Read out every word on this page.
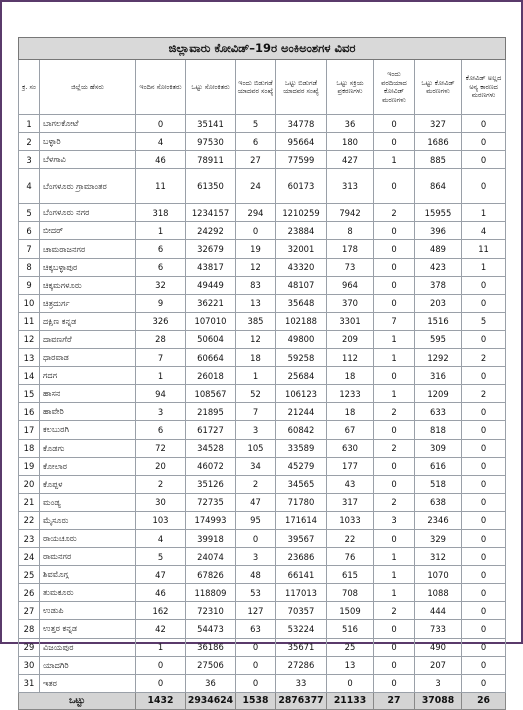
ಜಿಲ್ಲಾವಾರು ಕೋವಿಡ್–19ರ ಅಂಕಿಅಂಶಗಳ ವಿವರ									
ಕ್ರ. ಸಂ	ಜಿಲ್ಲೆಯ ಹೆಸರು	ಇಂದಿನ ಸೋಂಕಿತರು	ಒಟ್ಟು ಸೋಂಕಿತರು	ಇಂದು ಬಿಡುಗಡೆ ಯಾದವರ ಸಂಖ್ಯೆ	ಒಟ್ಟು ಬಿಡುಗಡೆ ಯಾದವರ ಸಂಖ್ಯೆ	ಒಟ್ಟು ಸಕ್ರಿಯ ಪ್ರಕರಣಗಳು	ಇಂದು ವರದಿಯಾದ ಕೋವಿಡ್ ಮರಣಗಳು	ಒಟ್ಟು ಕೋವಿಡ್ ಮರಣಗಳು	ಕೋವಿಡ್ ಅಲ್ಲದ ಅನ್ಯ ಕಾರಣದ ಮರಣಗಳು
1	ಬಾಗಲಕೋಟೆ	0	35141	5	34778	36	0	327	0
2	ಬಳ್ಳಾರಿ	4	97530	6	95664	180	0	1686	0
3	ಬೆಳಗಾವಿ	46	78911	27	77599	427	1	885	0
4	ಬೆಂಗಳೂರು ಗ್ರಾಮಾಂತರ	11	61350	24	60173	313	0	864	0
5	ಬೆಂಗಳೂರು ನಗರ	318	1234157	294	1210259	7942	2	15955	1
6	ಬೀದರ್	1	24292	0	23884	8	0	396	4
7	ಚಾಮರಾಜನಗರ	6	32679	19	32001	178	0	489	11
8	ಚಿಕ್ಕಬಳ್ಳಾಪುರ	6	43817	12	43320	73	0	423	1
9	ಚಿಕ್ಕಮಗಳೂರು	32	49449	83	48107	964	0	378	0
10	ಚಿತ್ರದುರ್ಗ	9	36221	13	35648	370	0	203	0
11	ದಕ್ಷಿಣ ಕನ್ನಡ	326	107010	385	102188	3301	7	1516	5
12	ದಾವಣಗೆರೆ	28	50604	12	49800	209	1	595	0
13	ಧಾರವಾಡ	7	60664	18	59258	112	1	1292	2
14	ಗದಗ	1	26018	1	25684	18	0	316	0
15	ಹಾಸನ	94	108567	52	106123	1233	1	1209	2
16	ಹಾವೇರಿ	3	21895	7	21244	18	2	633	0
17	ಕಲಬುರಗಿ	6	61727	3	60842	67	0	818	0
18	ಕೊಡಗು	72	34528	105	33589	630	2	309	0
19	ಕೋಲಾರ	20	46072	34	45279	177	0	616	0
20	ಕೊಪ್ಪಳ	2	35126	2	34565	43	0	518	0
21	ಮಂಡ್ಯ	30	72735	47	71780	317	2	638	0
22	ಮೈಸೂರು	103	174993	95	171614	1033	3	2346	0
23	ರಾಯಚೂರು	4	39918	0	39567	22	0	329	0
24	ರಾಮನಗರ	5	24074	3	23686	76	1	312	0
25	ಶಿವಮೊಗ್ಗ	47	67826	48	66141	615	1	1070	0
26	ತುಮಕೂರು	46	118809	53	117013	708	1	1088	0
27	ಉಡುಪಿ	162	72310	127	70357	1509	2	444	0
28	ಉತ್ತರ ಕನ್ನಡ	42	54473	63	53224	516	0	733	0
29	ವಿಜಯಪುರ	1	36186	0	35671	25	0	490	0
30	ಯಾದಗಿರಿ	0	27506	0	27286	13	0	207	0
31	ಇತರ	0	36	0	33	0	0	3	0
ಒಟ್ಟು		1432	2934624	1538	2876377	21133	27	37088	26
